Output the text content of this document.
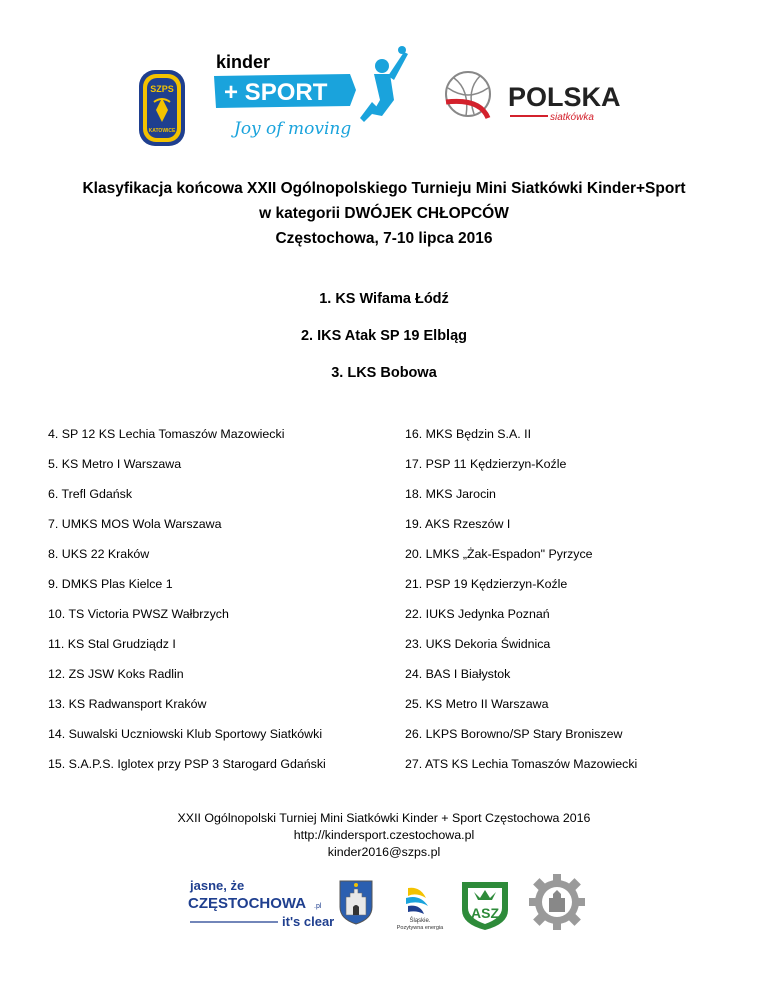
SZPS
KATOWICE
kinder
+ SPORT
Joy of moving
POLSKA
siatkówka
Klasyfikacja końcowa XXII Ogólnopolskiego Turnieju Mini Siatkówki Kinder+Sport
w kategorii DWÓJEK CHŁOPCÓW
Częstochowa, 7-10 lipca 2016
1. KS Wifama Łódź
2. IKS Atak SP 19 Elbląg
3. LKS Bobowa
4. SP 12 KS Lechia Tomaszów Mazowiecki
5. KS Metro I Warszawa
6. Trefl Gdańsk
7. UMKS MOS Wola Warszawa
8. UKS 22 Kraków
9. DMKS Plas Kielce 1
10. TS Victoria PWSZ Wałbrzych
11. KS Stal Grudziądz I
12. ZS JSW Koks Radlin
13. KS Radwansport Kraków
14. Suwalski Uczniowski Klub Sportowy Siatkówki
15. S.A.P.S. Iglotex przy PSP 3 Starogard Gdański
16. MKS Będzin S.A. II
17. PSP 11 Kędzierzyn-Koźle
18. MKS Jarocin
19. AKS Rzeszów I
20. LMKS „Żak-Espadon" Pyrzyce
21. PSP 19 Kędzierzyn-Koźle
22. IUKS Jedynka Poznań
23. UKS Dekoria Świdnica
24. BAS I Białystok
25. KS Metro II Warszawa
26. LKPS Borowno/SP Stary Broniszew
27. ATS KS Lechia Tomaszów Mazowiecki
XXII Ogólnopolski Turniej Mini Siatkówki Kinder + Sport Częstochowa 2016
http://kindersport.czestochowa.pl
kinder2016@szps.pl
jasne, że
CZĘSTOCHOWA .pl
it's clear	Śląskie.
Pozytywna energia
ASZ
